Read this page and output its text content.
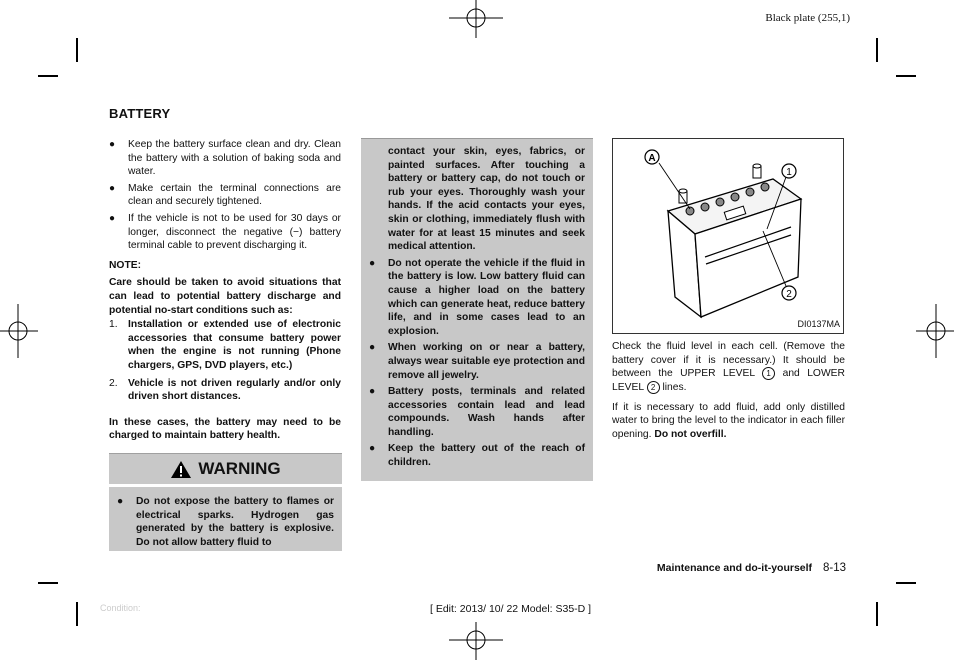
Black plate (255,1)
BATTERY
● Keep the battery surface clean and dry. Clean the battery with a solution of baking soda and water.
● Make certain the terminal connections are clean and securely tightened.
● If the vehicle is not to be used for 30 days or longer, disconnect the negative (−) battery terminal cable to prevent discharging it.
NOTE:
Care should be taken to avoid situations that can lead to potential battery discharge and potential no-start conditions such as:
1. Installation or extended use of electronic accessories that consume battery power when the engine is not running (Phone chargers, GPS, DVD players, etc.)
2. Vehicle is not driven regularly and/or only driven short distances.
In these cases, the battery may need to be charged to maintain battery health.
WARNING
● Do not expose the battery to flames or electrical sparks. Hydrogen gas generated by the battery is explosive. Do not allow battery fluid to
contact your skin, eyes, fabrics, or painted surfaces. After touching a battery or battery cap, do not touch or rub your eyes. Thoroughly wash your hands. If the acid contacts your eyes, skin or clothing, immediately flush with water for at least 15 minutes and seek medical attention.
● Do not operate the vehicle if the fluid in the battery is low. Low battery fluid can cause a higher load on the battery which can generate heat, reduce battery life, and in some cases lead to an explosion.
● When working on or near a battery, always wear suitable eye protection and remove all jewelry.
● Battery posts, terminals and related accessories contain lead and lead compounds. Wash hands after handling.
● Keep the battery out of the reach of children.
A
1
2
DI0137MA
Check the fluid level in each cell. (Remove the battery cover if it is necessary.) It should be between the UPPER LEVEL 1 and LOWER LEVEL 2 lines.
If it is necessary to add fluid, add only distilled water to bring the level to the indicator in each filler opening. Do not overfill.
Maintenance and do-it-yourself 8-13
[ Edit: 2013/ 10/ 22 Model: S35-D ]
Condition:
